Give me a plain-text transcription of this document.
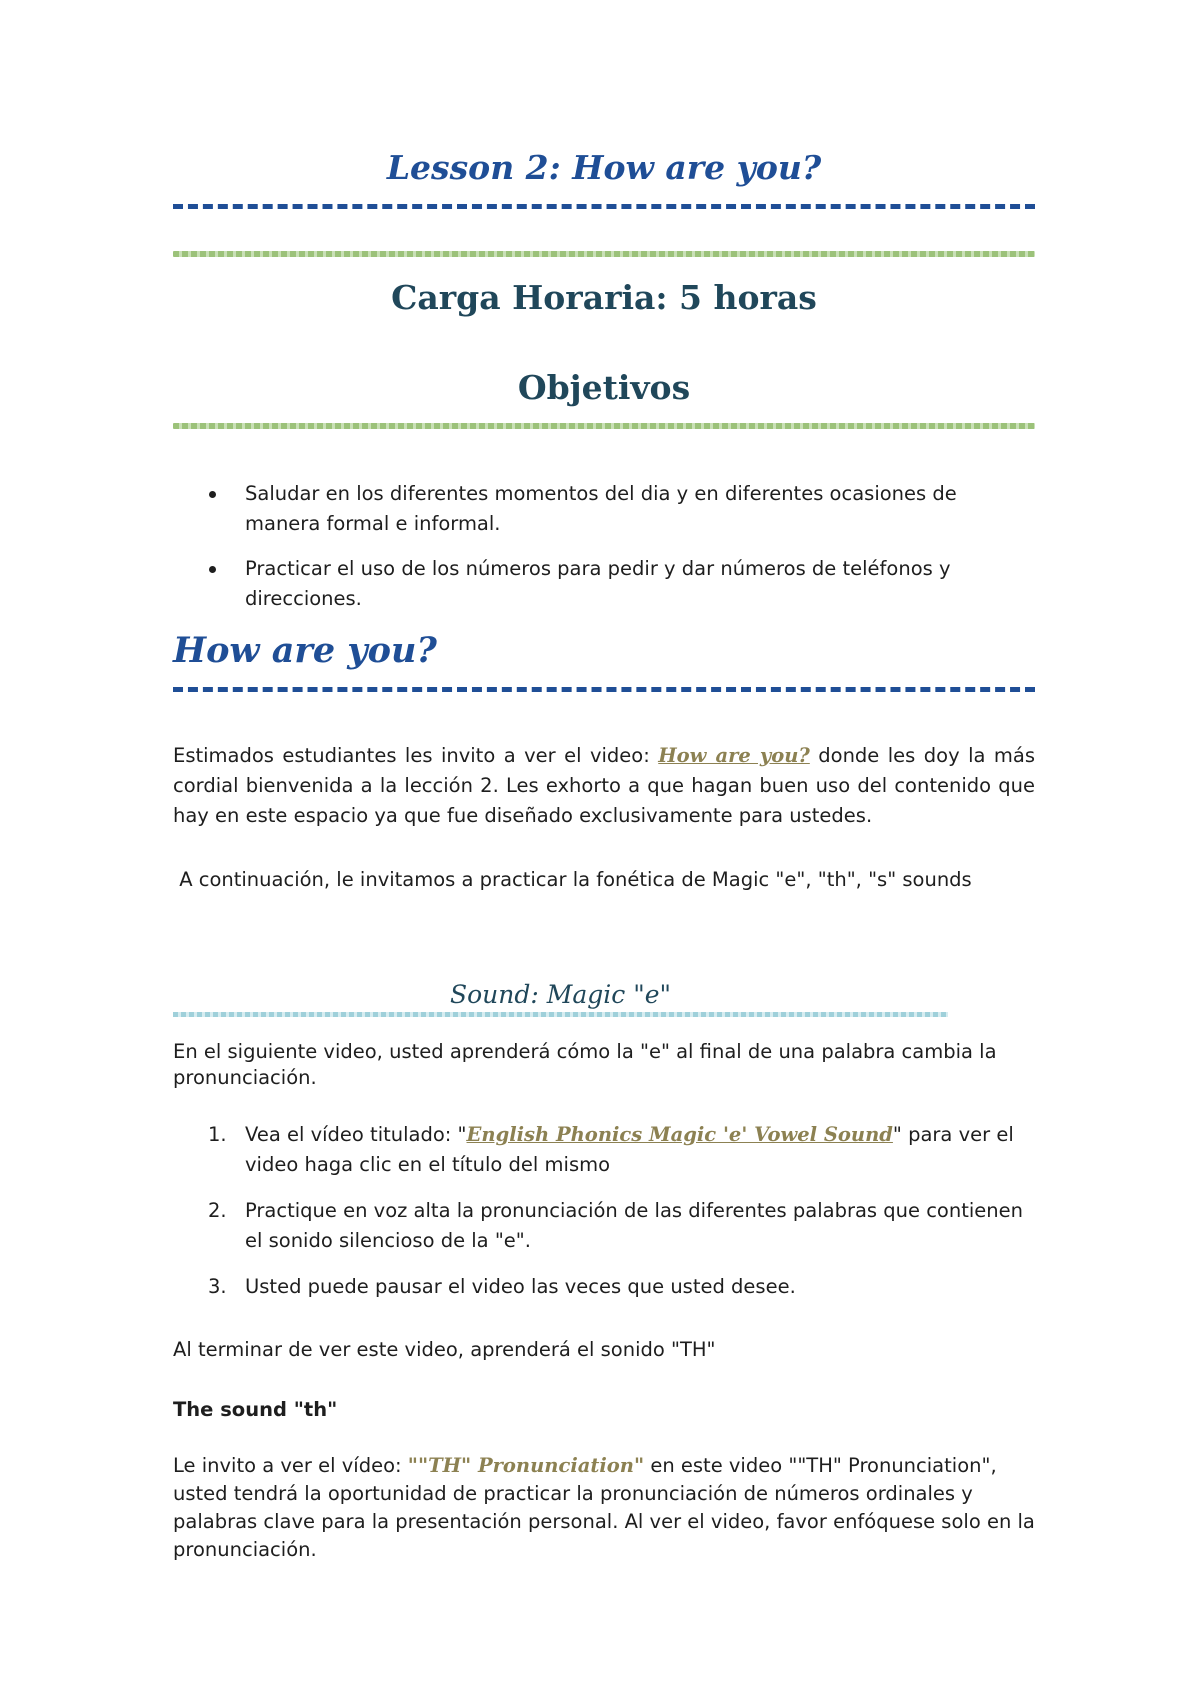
Lesson 2: How are you?
Carga Horaria: 5 horas
Objetivos
Saludar en los diferentes momentos del dia y en diferentes ocasiones de manera formal e informal.
Practicar el uso de los números para pedir y dar números de teléfonos y direcciones.
How are you?

Estimados estudiantes les invito a ver el video: How are you? donde les doy la más cordial bienvenida a la lección 2. Les exhorto a que hagan buen uso del contenido que hay en este espacio ya que fue diseñado exclusivamente para ustedes.

A continuación, le invitamos a practicar la fonética de Magic "e", "th", "s" sounds

Sound: Magic "e"

En el siguiente video, usted aprenderá cómo la "e" al final de una palabra cambia la pronunciación.

1. Vea el vídeo titulado: "English Phonics Magic 'e' Vowel Sound" para ver el video haga clic en el título del mismo
2. Practique en voz alta la pronunciación de las diferentes palabras que contienen el sonido silencioso de la "e".
3. Usted puede pausar el video las veces que usted desee.

Al terminar de ver este video, aprenderá el sonido "TH"

The sound "th"

Le invito a ver el vídeo: ""TH" Pronunciation" en este video ""TH" Pronunciation", usted tendrá la oportunidad de practicar la pronunciación de números ordinales y palabras clave para la presentación personal. Al ver el video, favor enfóquese solo en la pronunciación.
